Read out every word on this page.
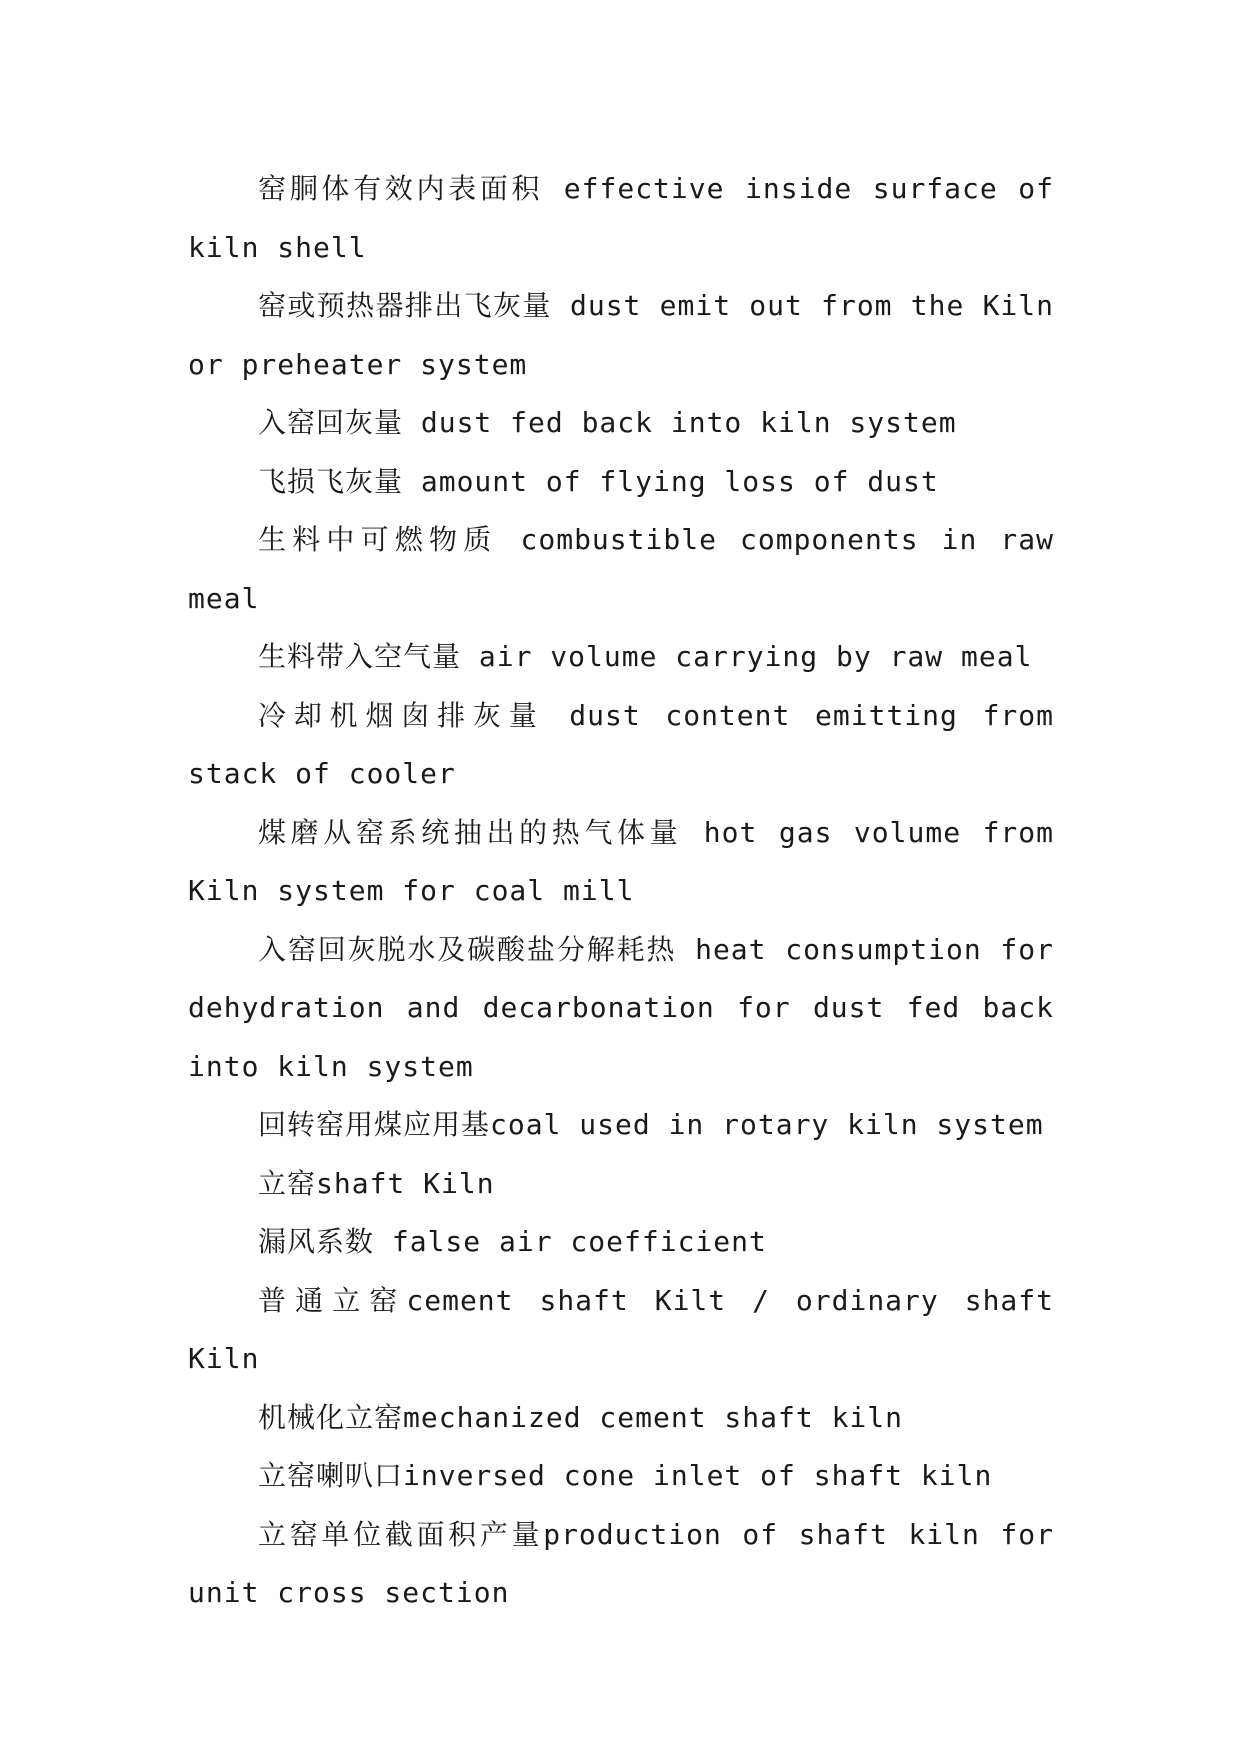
窑胴体有效内表面积 effective inside surface of kiln shell

窑或预热器排出飞灰量 dust emit out from the Kiln or preheater system

入窑回灰量 dust fed back into kiln system

飞损飞灰量 amount of flying loss of dust

生料中可燃物质 combustible components in raw meal

生料带入空气量 air volume carrying by raw meal

冷却机烟囱排灰量 dust content emitting from stack of cooler

煤磨从窑系统抽出的热气体量 hot gas volume from Kiln system for coal mill

入窑回灰脱水及碳酸盐分解耗热 heat consumption for dehydration and decarbonation for dust fed back into kiln system

回转窑用煤应用基coal used in rotary kiln system

立窑shaft Kiln

漏风系数 false air coefficient

普通立窑cement shaft Kilt / ordinary shaft Kiln

机械化立窑mechanized cement shaft kiln

立窑喇叭口inversed cone inlet of shaft kiln

立窑单位截面积产量production of shaft kiln for unit cross section
